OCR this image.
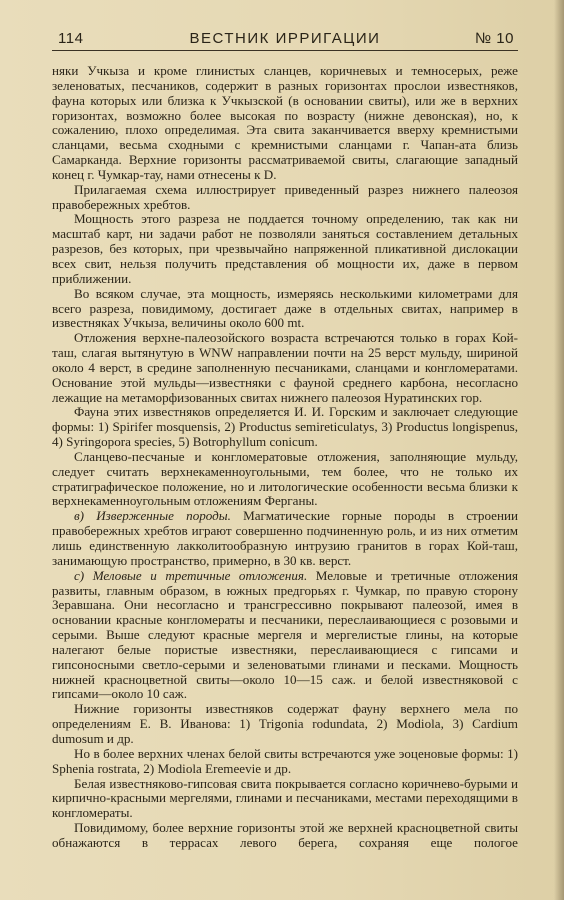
114	ВЕСТНИК ИРРИГАЦИИ	№ 10

няки Учкыза и кроме глинистых сланцев, коричневых и темносерых, реже зеленоватых, песчаников, содержит в разных горизонтах прослои известняков, фауна которых или близка к Учкызской (в основании свиты), или же в верхних горизонтах, возможно более высокая по возрасту (нижне девонская), но, к сожалению, плохо определимая. Эта свита заканчивается вверху кремнистыми сланцами, весьма сходными с кремнистыми сланцами г. Чапан-ата близь Самарканда. Верхние горизонты рассматриваемой свиты, слагающие западный конец г. Чумкар-тау, нами отнесены к D.

Прилагаемая схема иллюстрирует приведенный разрез нижнего палеозоя правобережных хребтов.

Мощность этого разреза не поддается точному определению, так как ни масштаб карт, ни задачи работ не позволяли заняться составлением детальных разрезов, без которых, при чрезвычайно напряженной пликативной дислокации всех свит, нельзя получить представления об мощности их, даже в первом приближении.

Во всяком случае, эта мощность, измеряясь несколькими километрами для всего разреза, повидимому, достигает даже в отдельных свитах, например в известняках Учкыза, величины около 600 mt.

Отложения верхне-палеозойского возраста встречаются только в горах Кой-таш, слагая вытянутую в WNW направлении почти на 25 верст мульду, шириной около 4 верст, в средине заполненную песчаниками, сланцами и конгломератами. Основание этой мульды—известняки с фауной среднего карбона, несогласно лежащие на метаморфизованных свитах нижнего палеозоя Нуратинских гор.

Фауна этих известняков определяется И. И. Горским и заключает следующие формы: 1) Spirifer mosquensis, 2) Productus semireticulatys, 3) Productus longispenus, 4) Syringopora species, 5) Botrophyllum conicum.

Сланцево-песчаные и конгломератовые отложения, заполняющие мульду, следует считать верхнекаменноугольными, тем более, что не только их стратиграфическое положение, но и литологические особенности весьма близки к верхнекаменноугольным отложениям Ферганы.

в) Изверженные породы. Магматические горные породы в строении правобережных хребтов играют совершенно подчиненную роль, и из них отметим лишь единственную лакколитообразную интрузию гранитов в горах Кой-таш, занимающую пространство, примерно, в 30 кв. верст.

с) Меловые и третичные отложения. Меловые и третичные отложения развиты, главным образом, в южных предгорьях г. Чумкар, по правую сторону Зеравшана. Они несогласно и трансгрессивно покрывают палеозой, имея в основании красные конгломераты и песчаники, переслаивающиеся с розовыми и серыми. Выше следуют красные мергеля и мергелистые глины, на которые налегают белые пористые известняки, переслаивающиеся с гипсами и гипсоносными светло-серыми и зеленоватыми глинами и песками. Мощность нижней красноцветной свиты—около 10—15 саж. и белой известняковой с гипсами—около 10 саж.

Нижние горизонты известняков содержат фауну верхнего мела по определениям Е. В. Иванова: 1) Trigonia rodundata, 2) Modiola, 3) Cardium dumosum и др.

Но в более верхних членах белой свиты встречаются уже эоценовые формы: 1) Sphenia rostrata, 2) Modiola Eremeevie и др.

Белая известняково-гипсовая свита покрывается согласно коричнево-бурыми и кирпично-красными мергелями, глинами и песчаниками, местами переходящими в конгломераты.

Повидимому, более верхние горизонты этой же верхней красноцветной свиты обнажаются в террасах левого берега, сохраняя еще пологое
